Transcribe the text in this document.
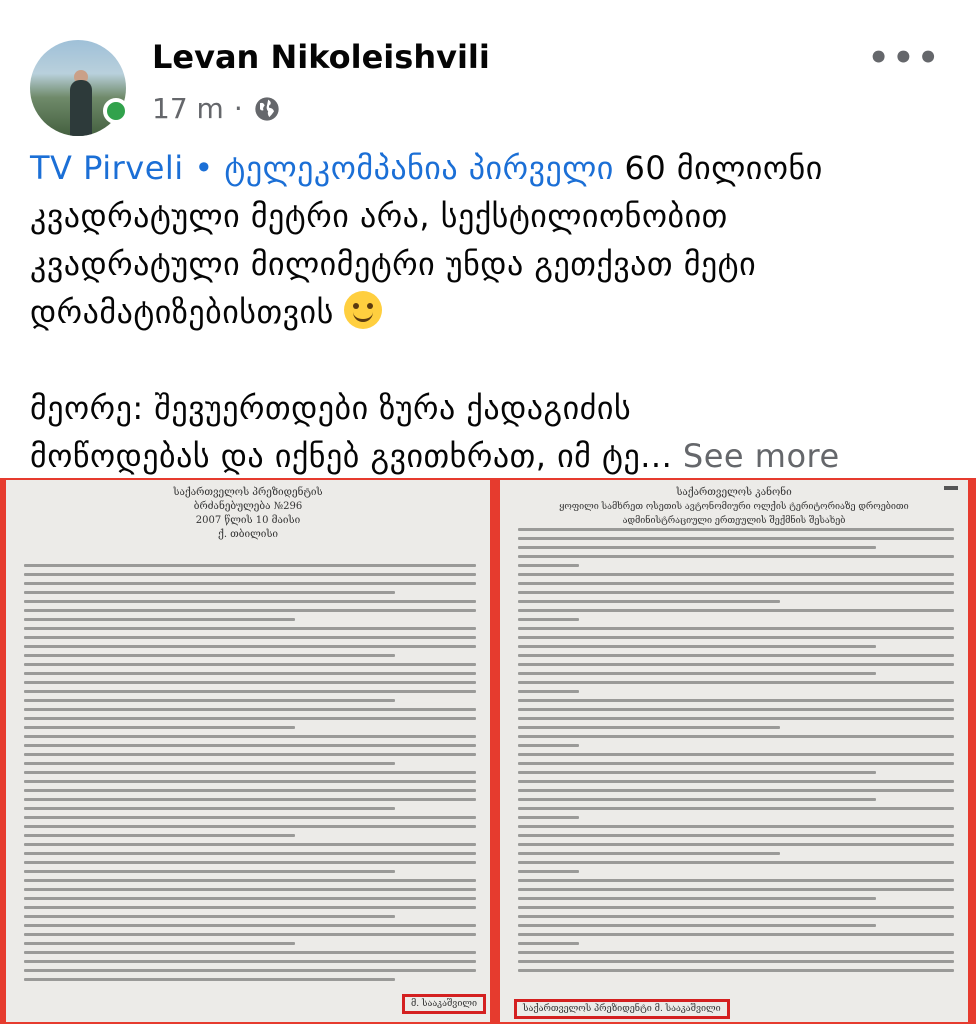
Levan Nikoleishvili
17 m ·
•••

TV Pirveli • ტელეკომპანია პირველი 60 მილიონი

კვადრატული მეტრი არა, სექსტილიონობით

კვადრატული მილიმეტრი უნდა გეთქვათ მეტი

დრამატიზებისთვის

მეორე: შევუერთდები ზურა ქადაგიძის

მოწოდებას და იქნებ გვითხრათ, იმ ტე... See more

საქართველოს პრეზიდენტის
ბრძანებულება №296
2007 წლის 10 მაისი
ქ. თბილისი
მ. სააკაშვილი
საქართველოს კანონი
ყოფილი სამხრეთ ოსეთის ავტონომიური ოლქის ტერიტორიაზე დროებითი ადმინისტრაციული ერთეულის შექმნის შესახებ
საქართველოს პრეზიდენტი მ. სააკაშვილი
